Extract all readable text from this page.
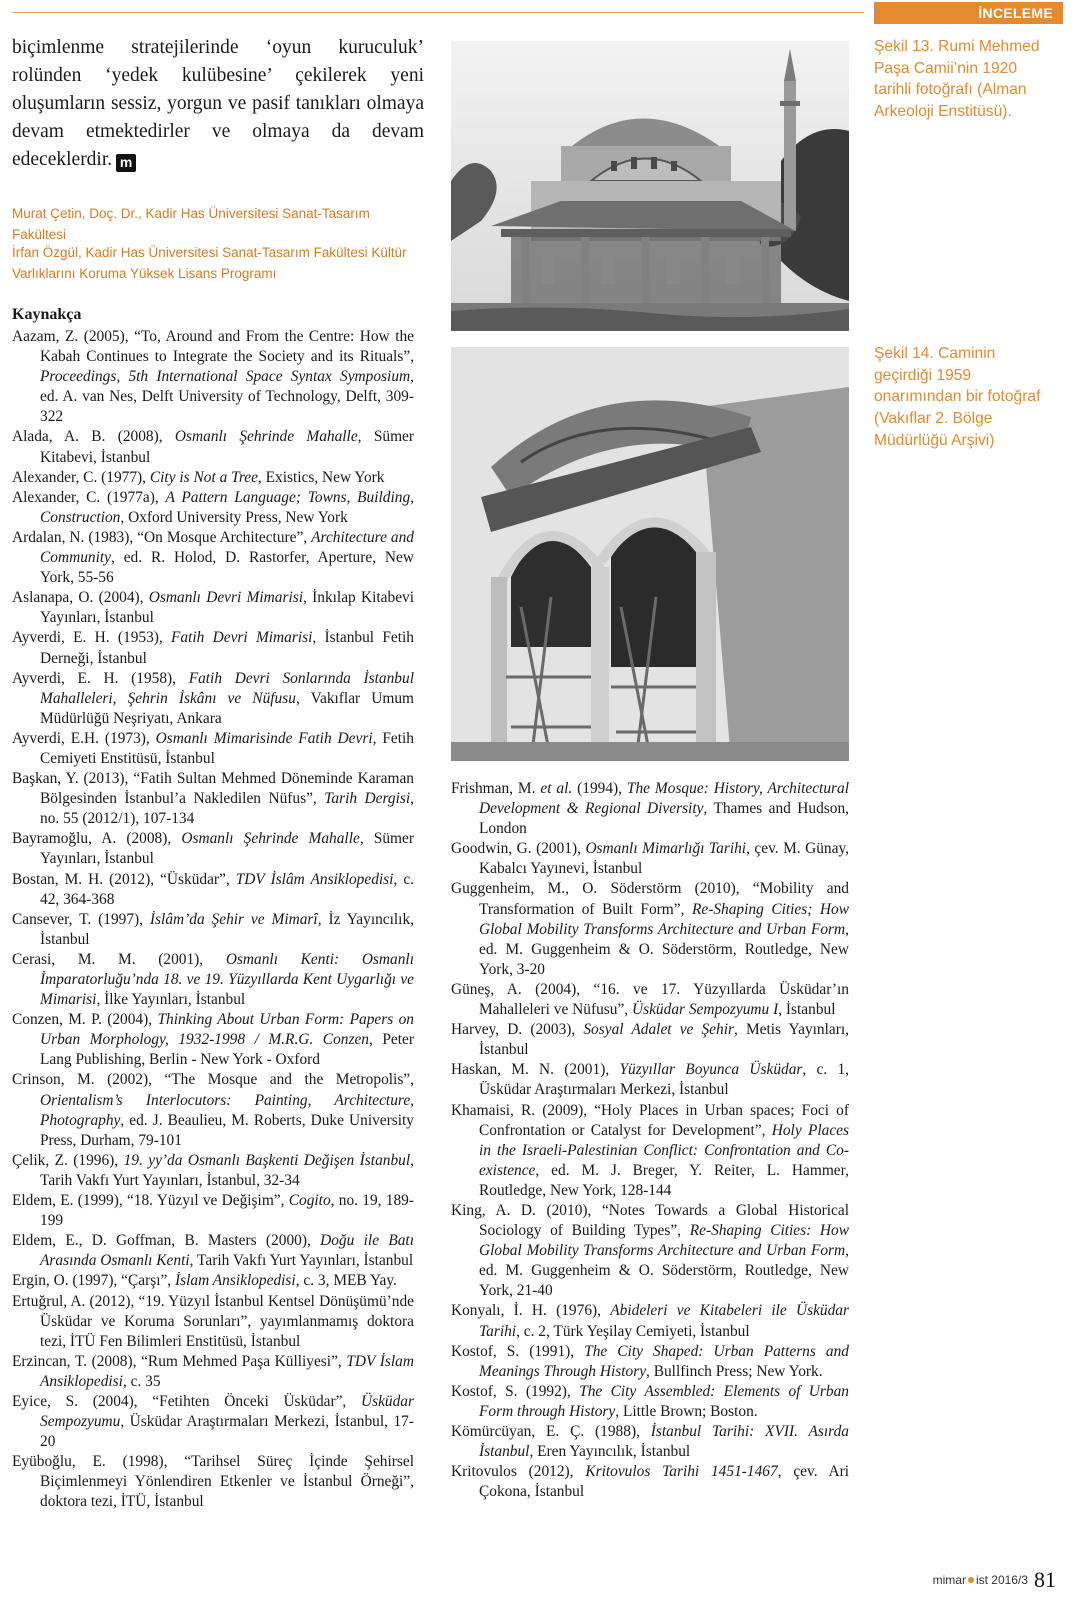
İNCELEME

biçimlenme stratejilerinde ‘oyun kuruculuk’ rolünden ‘yedek kulübesine’ çekilerek yeni oluşumların sessiz, yorgun ve pasif tanıkları olmaya devam etmektedirler ve olmaya da devam edeceklerdir. m

Murat Çetin, Doç. Dr., Kadir Has Üniversitesi Sanat-Tasarım Fakültesi

İrfan Özgül, Kadir Has Üniversitesi Sanat-Tasarım Fakültesi Kültür Varlıklarını Koruma Yüksek Lisans Programı

Kaynakça

Aazam, Z. (2005), “To, Around and From the Centre: How the Kabah Continues to Integrate the Society and its Rituals”, Proceedings, 5th International Space Syntax Symposium, ed. A. van Nes, Delft University of Technology, Delft, 309-322

Alada, A. B. (2008), Osmanlı Şehrinde Mahalle, Sümer Kitabevi, İstanbul

Alexander, C. (1977), City is Not a Tree, Existics, New York

Alexander, C. (1977a), A Pattern Language; Towns, Building, Construction, Oxford University Press, New York

Ardalan, N. (1983), “On Mosque Architecture”, Architecture and Community, ed. R. Holod, D. Rastorfer, Aperture, New York, 55-56

Aslanapa, O. (2004), Osmanlı Devri Mimarisi, İnkılap Kitabevi Yayınları, İstanbul

Ayverdi, E. H. (1953), Fatih Devri Mimarisi, İstanbul Fetih Derneği, İstanbul

Ayverdi, E. H. (1958), Fatih Devri Sonlarında İstanbul Mahalleleri, Şehrin İskânı ve Nüfusu, Vakıflar Umum Müdürlüğü Neşriyatı, Ankara

Ayverdi, E.H. (1973), Osmanlı Mimarisinde Fatih Devri, Fetih Cemiyeti Enstitüsü, İstanbul

Başkan, Y. (2013), “Fatih Sultan Mehmed Döneminde Karaman Bölgesinden İstanbul’a Nakledilen Nüfus”, Tarih Dergisi, no. 55 (2012/1), 107-134

Bayramoğlu, A. (2008), Osmanlı Şehrinde Mahalle, Sümer Yayınları, İstanbul

Bostan, M. H. (2012), “Üsküdar”, TDV İslâm Ansiklopedisi, c. 42, 364-368

Cansever, T. (1997), İslâm’da Şehir ve Mimarî, İz Yayıncılık, İstanbul

Cerasi, M. M. (2001), Osmanlı Kenti: Osmanlı İmparatorluğu’nda 18. ve 19. Yüzyıllarda Kent Uygarlığı ve Mimarisi, İlke Yayınları, İstanbul

Conzen, M. P. (2004), Thinking About Urban Form: Papers on Urban Morphology, 1932-1998 / M.R.G. Conzen, Peter Lang Publishing, Berlin - New York - Oxford

Crinson, M. (2002), “The Mosque and the Metropolis”, Orientalism’s Interlocutors: Painting, Architecture, Photography, ed. J. Beaulieu, M. Roberts, Duke University Press, Durham, 79-101

Çelik, Z. (1996), 19. yy’da Osmanlı Başkenti Değişen İstanbul, Tarih Vakfı Yurt Yayınları, İstanbul, 32-34

Eldem, E. (1999), “18. Yüzyıl ve Değişim”, Cogito, no. 19, 189-199

Eldem, E., D. Goffman, B. Masters (2000), Doğu ile Batı Arasında Osmanlı Kenti, Tarih Vakfı Yurt Yayınları, İstanbul

Ergin, O. (1997), “Çarşı”, İslam Ansiklopedisi, c. 3, MEB Yay.

Ertuğrul, A. (2012), “19. Yüzyıl İstanbul Kentsel Dönüşümü’nde Üsküdar ve Koruma Sorunları”, yayımlanmamış doktora tezi, İTÜ Fen Bilimleri Enstitüsü, İstanbul

Erzincan, T. (2008), “Rum Mehmed Paşa Külliyesi”, TDV İslam Ansiklopedisi, c. 35

Eyice, S. (2004), “Fetihten Önceki Üsküdar”, Üsküdar Sempozyumu, Üsküdar Araştırmaları Merkezi, İstanbul, 17-20

Eyüboğlu, E. (1998), “Tarihsel Süreç İçinde Şehirsel Biçimlenmeyi Yönlendiren Etkenler ve İstanbul Örneği”, doktora tezi, İTÜ, İstanbul

Frishman, M. et al. (1994), The Mosque: History, Architectural Development & Regional Diversity, Thames and Hudson, London

Goodwin, G. (2001), Osmanlı Mimarlığı Tarihi, çev. M. Günay, Kabalcı Yayınevi, İstanbul

Guggenheim, M., O. Söderstörm (2010), “Mobility and Transformation of Built Form”, Re-Shaping Cities; How Global Mobility Transforms Architecture and Urban Form, ed. M. Guggenheim & O. Söderstörm, Routledge, New York, 3-20

Güneş, A. (2004), “16. ve 17. Yüzyıllarda Üsküdar’ın Mahalleleri ve Nüfusu”, Üsküdar Sempozyumu I, İstanbul

Harvey, D. (2003), Sosyal Adalet ve Şehir, Metis Yayınları, İstanbul

Haskan, M. N. (2001), Yüzyıllar Boyunca Üsküdar, c. 1, Üsküdar Araştırmaları Merkezi, İstanbul

Khamaisi, R. (2009), “Holy Places in Urban spaces; Foci of Confrontation or Catalyst for Development”, Holy Places in the Israeli-Palestinian Conflict: Confrontation and Co-existence, ed. M. J. Breger, Y. Reiter, L. Hammer, Routledge, New York, 128-144

King, A. D. (2010), “Notes Towards a Global Historical Sociology of Building Types”, Re-Shaping Cities: How Global Mobility Transforms Architecture and Urban Form, ed. M. Guggenheim & O. Söderstörm, Routledge, New York, 21-40

Konyalı, İ. H. (1976), Abideleri ve Kitabeleri ile Üsküdar Tarihi, c. 2, Türk Yeşilay Cemiyeti, İstanbul

Kostof, S. (1991), The City Shaped: Urban Patterns and Meanings Through History, Bullfinch Press; New York.

Kostof, S. (1992), The City Assembled: Elements of Urban Form through History, Little Brown; Boston.

Kömürcüyan, E. Ç. (1988), İstanbul Tarihi: XVII. Asırda İstanbul, Eren Yayıncılık, İstanbul

Kritovulos (2012), Kritovulos Tarihi 1451-1467, çev. Ari Çokona, İstanbul

Şekil 13. Rumi Mehmed Paşa Camii’nin 1920 tarihli fotoğrafı (Alman Arkeoloji Enstitüsü).

Şekil 14. Caminin geçirdiği 1959 onarımından bir fotoğraf (Vakıflar 2. Bölge Müdürlüğü Arşivi)

mimar ist 2016/3 81
